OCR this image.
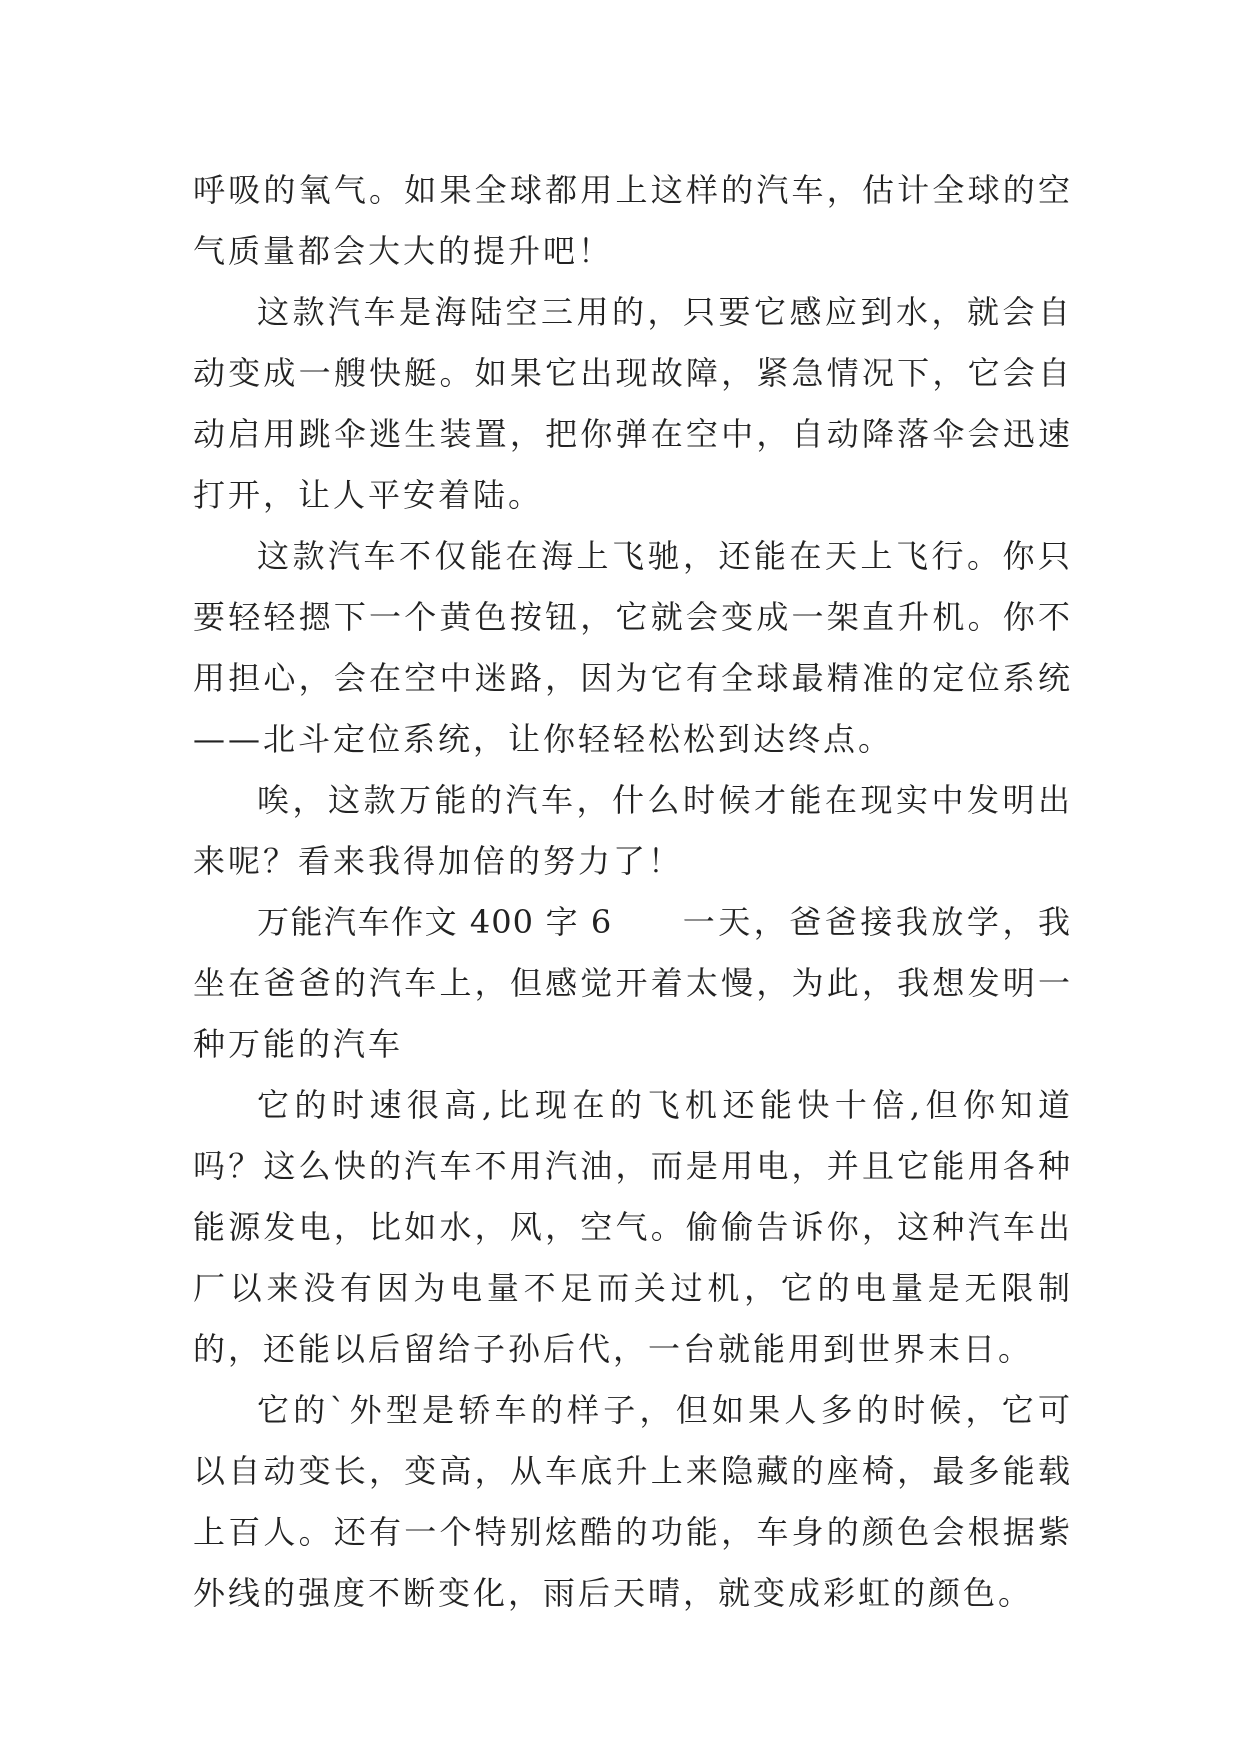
呼吸的氧气。如果全球都用上这样的汽车，估计全球的空气质量都会大大的提升吧！

这款汽车是海陆空三用的，只要它感应到水，就会自动变成一艘快艇。如果它出现故障，紧急情况下，它会自动启用跳伞逃生装置，把你弹在空中，自动降落伞会迅速打开，让人平安着陆。

这款汽车不仅能在海上飞驰，还能在天上飞行。你只要轻轻摁下一个黄色按钮，它就会变成一架直升机。你不用担心，会在空中迷路，因为它有全球最精准的定位系统——北斗定位系统，让你轻轻松松到达终点。

唉，这款万能的汽车，什么时候才能在现实中发明出来呢？看来我得加倍的努力了！

万能汽车作文 400 字 6 一天，爸爸接我放学，我坐在爸爸的汽车上，但感觉开着太慢，为此，我想发明一种万能的汽车

它的时速很高,比现在的飞机还能快十倍,但你知道吗？这么快的汽车不用汽油，而是用电，并且它能用各种能源发电，比如水，风，空气。偷偷告诉你，这种汽车出厂以来没有因为电量不足而关过机，它的电量是无限制的，还能以后留给子孙后代，一台就能用到世界末日。

它的`外型是轿车的样子，但如果人多的时候，它可以自动变长，变高，从车底升上来隐藏的座椅，最多能载上百人。还有一个特别炫酷的功能，车身的颜色会根据紫外线的强度不断变化，雨后天晴，就变成彩虹的颜色。
